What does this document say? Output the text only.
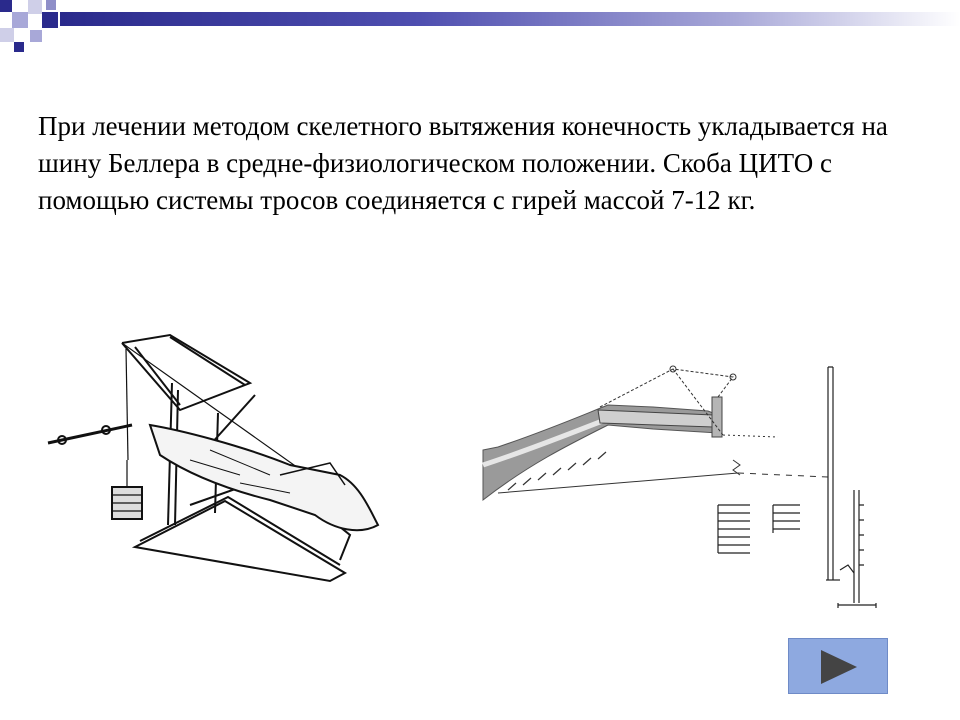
При лечении методом скелетного вытяжения конечность укладывается на шину Беллера в средне-физиологическом положении. Скоба ЦИТО с помощью системы тросов соединяется с гирей массой 7-12 кг.
